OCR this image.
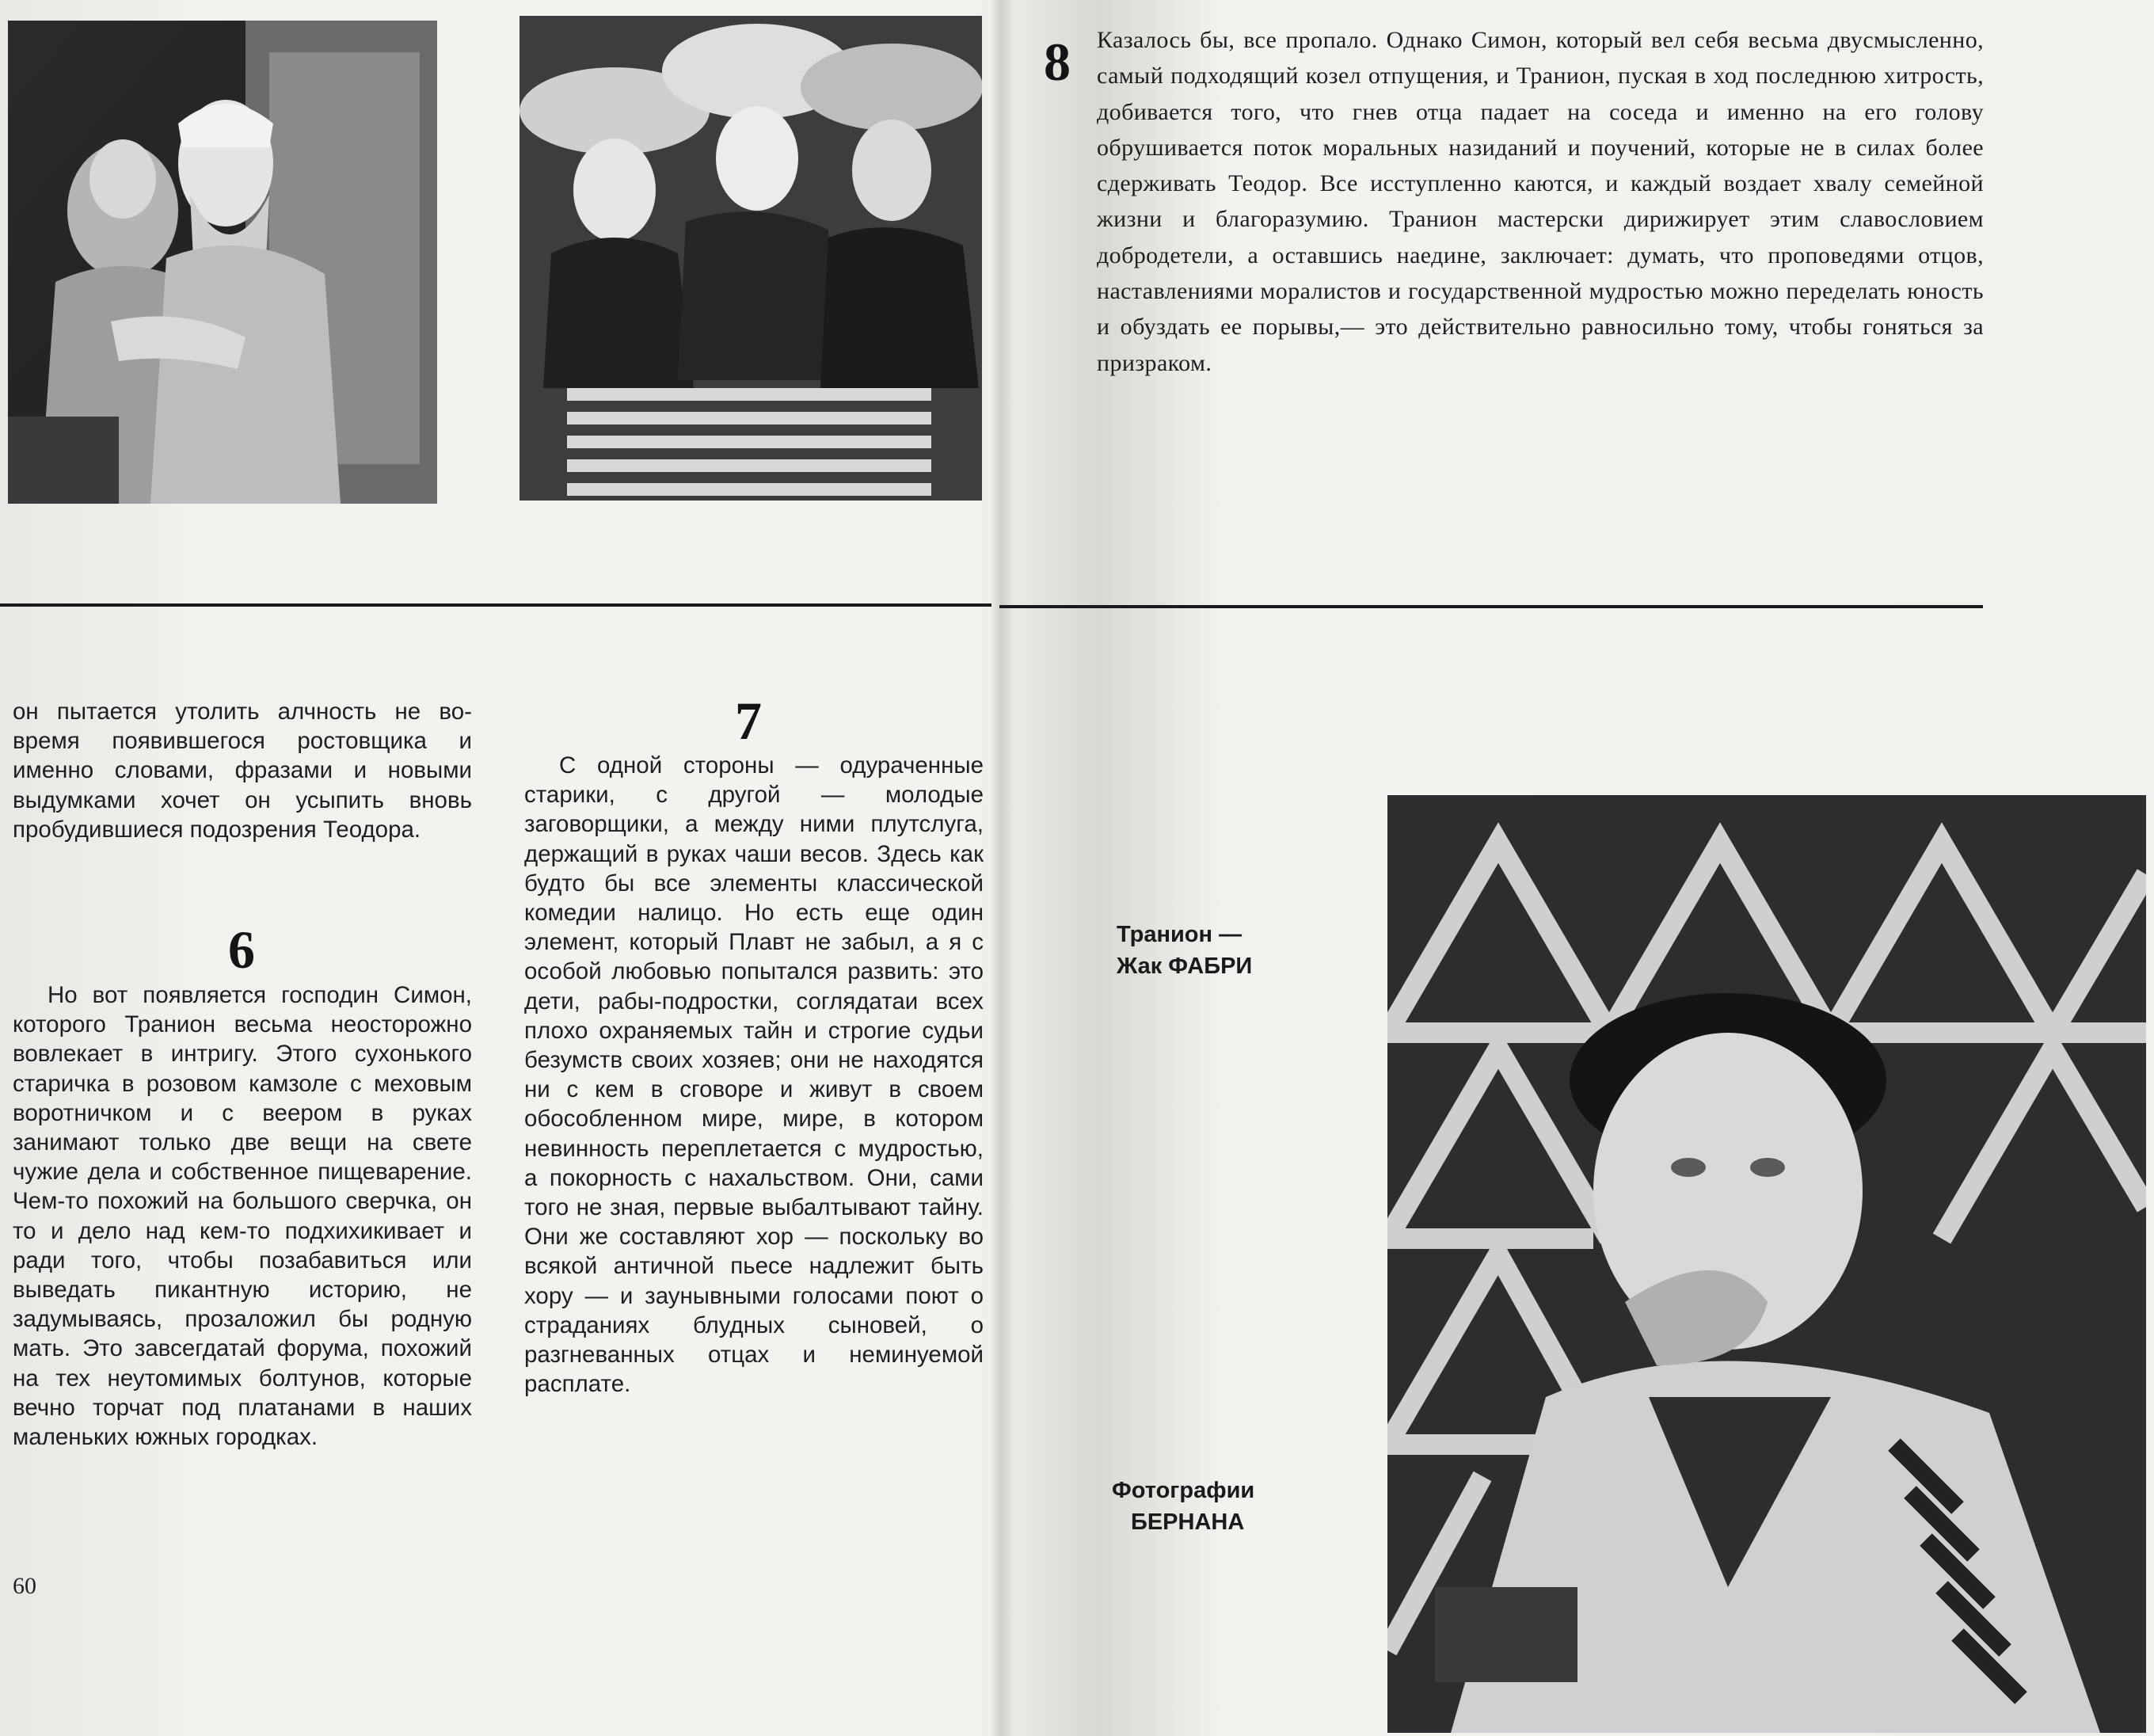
8 Казалось бы, все пропало. Однако Симон, который вел себя весьма двусмысленно, самый подходящий козел отпущения, и Транион, пуская в ход последнюю хитрость, добивается того, что гнев отца падает на соседа и именно на его голову обрушивается поток моральных назиданий и поучений, которые не в силах более сдерживать Теодор. Все исступленно каются, и каждый воздает хвалу семейной жизни и благоразумию. Транион мастерски дирижирует этим славословием добродетели, а оставшись наедине, заключает: думать, что проповедями отцов, наставлениями моралистов и государственной мудростью можно переделать юность и обуздать ее порывы,— это действительно равносильно тому, чтобы гоняться за призраком.

он пытается утолить алчность не во-время появившегося ростовщика и именно словами, фразами и новыми выдумками хочет он усыпить вновь пробудившиеся подозрения Теодора.

6

Но вот появляется господин Симон, которого Транион весьма неосторожно вовлекает в интригу. Этого сухонького старичка в розовом камзоле с меховым воротничком и с веером в руках занимают только две вещи на свете чужие дела и собственное пищеварение. Чем-то похожий на большого сверчка, он то и дело над кем-то подхихикивает и ради того, чтобы позабавиться или выведать пикантную историю, не задумываясь, прозаложил бы родную мать. Это завсегдатай форума, похожий на тех неутомимых болтунов, которые вечно торчат под платанами в наших маленьких южных городках.

7

С одной стороны — одураченные старики, с другой — молодые заговорщики, а между ними плутслуга, держащий в руках чаши весов. Здесь как будто бы все элементы классической комедии налицо. Но есть еще один элемент, который Плавт не забыл, а я с особой любовью попытался развить: это дети, рабы-подростки, соглядатаи всех плохо охраняемых тайн и строгие судьи безумств своих хозяев; они не находятся ни с кем в сговоре и живут в своем обособленном мире, мире, в котором невинность переплетается с мудростью, а покорность с нахальством. Они, сами того не зная, первые выбалтывают тайну. Они же составляют хор — поскольку во всякой античной пьесе надлежит быть хору — и заунывными голосами поют о страданиях блудных сыновей, о разгневанных отцах и неминуемой расплате.

Транион —
Жак ФАБРИ
Фотографии
БЕРНАНА
60
